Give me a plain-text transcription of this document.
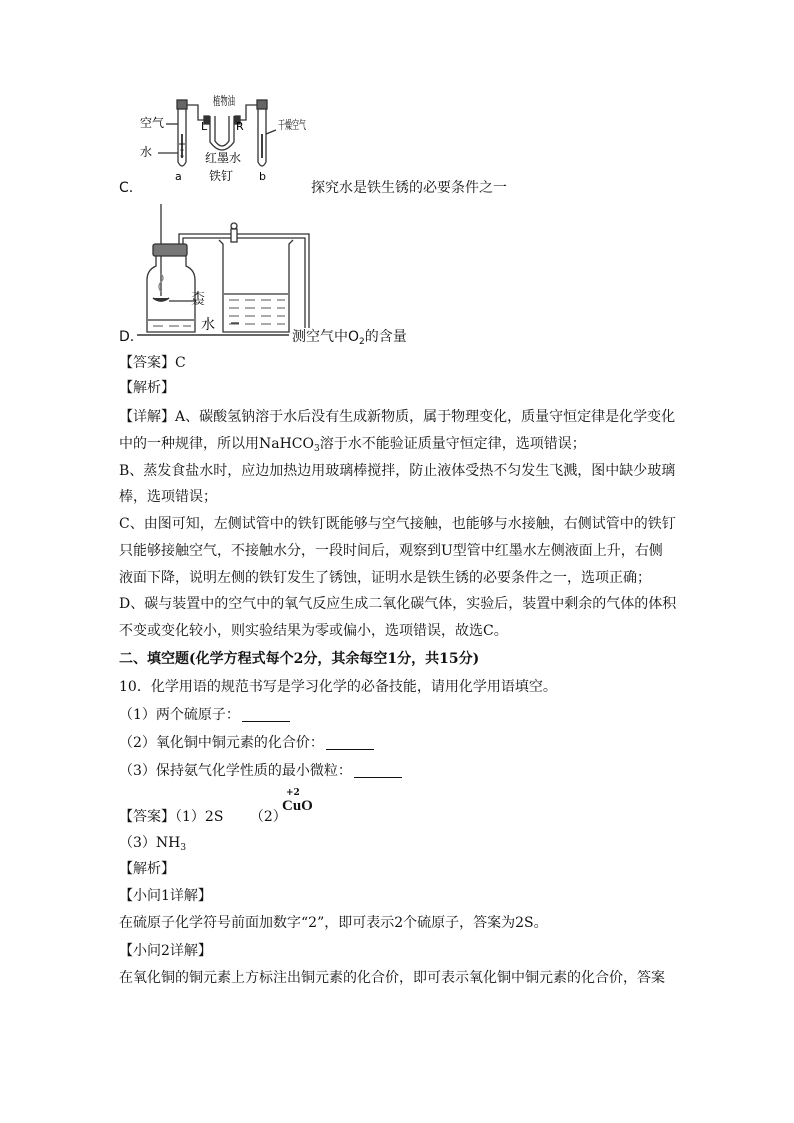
空气
水
植物油
L	R
红墨水
铁钉
干燥空气
a	b
C.	探究水是铁生锈的必要条件之一
木炭
水
D.	测空气中$O_2$的含量
【答案】C
【解析】
【详解】A、碳酸氢钠溶于水后没有生成新物质，属于物理变化，质量守恒定律是化学变化
中的一种规律，所以用NaHCO$_3$溶于水不能验证质量守恒定律，选项错误；
B、蒸发食盐水时，应边加热边用玻璃棒搅拌，防止液体受热不匀发生飞溅，图中缺少玻璃
棒，选项错误；
C、由图可知，左侧试管中的铁钉既能够与空气接触，也能够与水接触，右侧试管中的铁钉
只能够接触空气，不接触水分，一段时间后，观察到U型管中红墨水左侧液面上升，右侧
液面下降，说明左侧的铁钉发生了锈蚀，证明水是铁生锈的必要条件之一，选项正确；
D、碳与装置中的空气中的氧气反应生成二氧化碳气体，实验后，装置中剩余的气体的体积
不变或变化较小，则实验结果为零或偏小，选项错误，故选C。
二、填空题(化学方程式每个2分，其余每空1分，共15分)
10．化学用语的规范书写是学习化学的必备技能，请用化学用语填空。
（1）两个硫原子：
（2）氧化铜中铜元素的化合价：
（3）保持氨气化学性质的最小微粒：
【答案】（1）2S （2）
+2
CuO
$(3)NH_3$
【解析】
【小问1详解】
在硫原子化学符号前面加数字“2”，即可表示2个硫原子，答案为2S。
【小问2详解】
在氧化铜的铜元素上方标注出铜元素的化合价，即可表示氧化铜中铜元素的化合价，答案
